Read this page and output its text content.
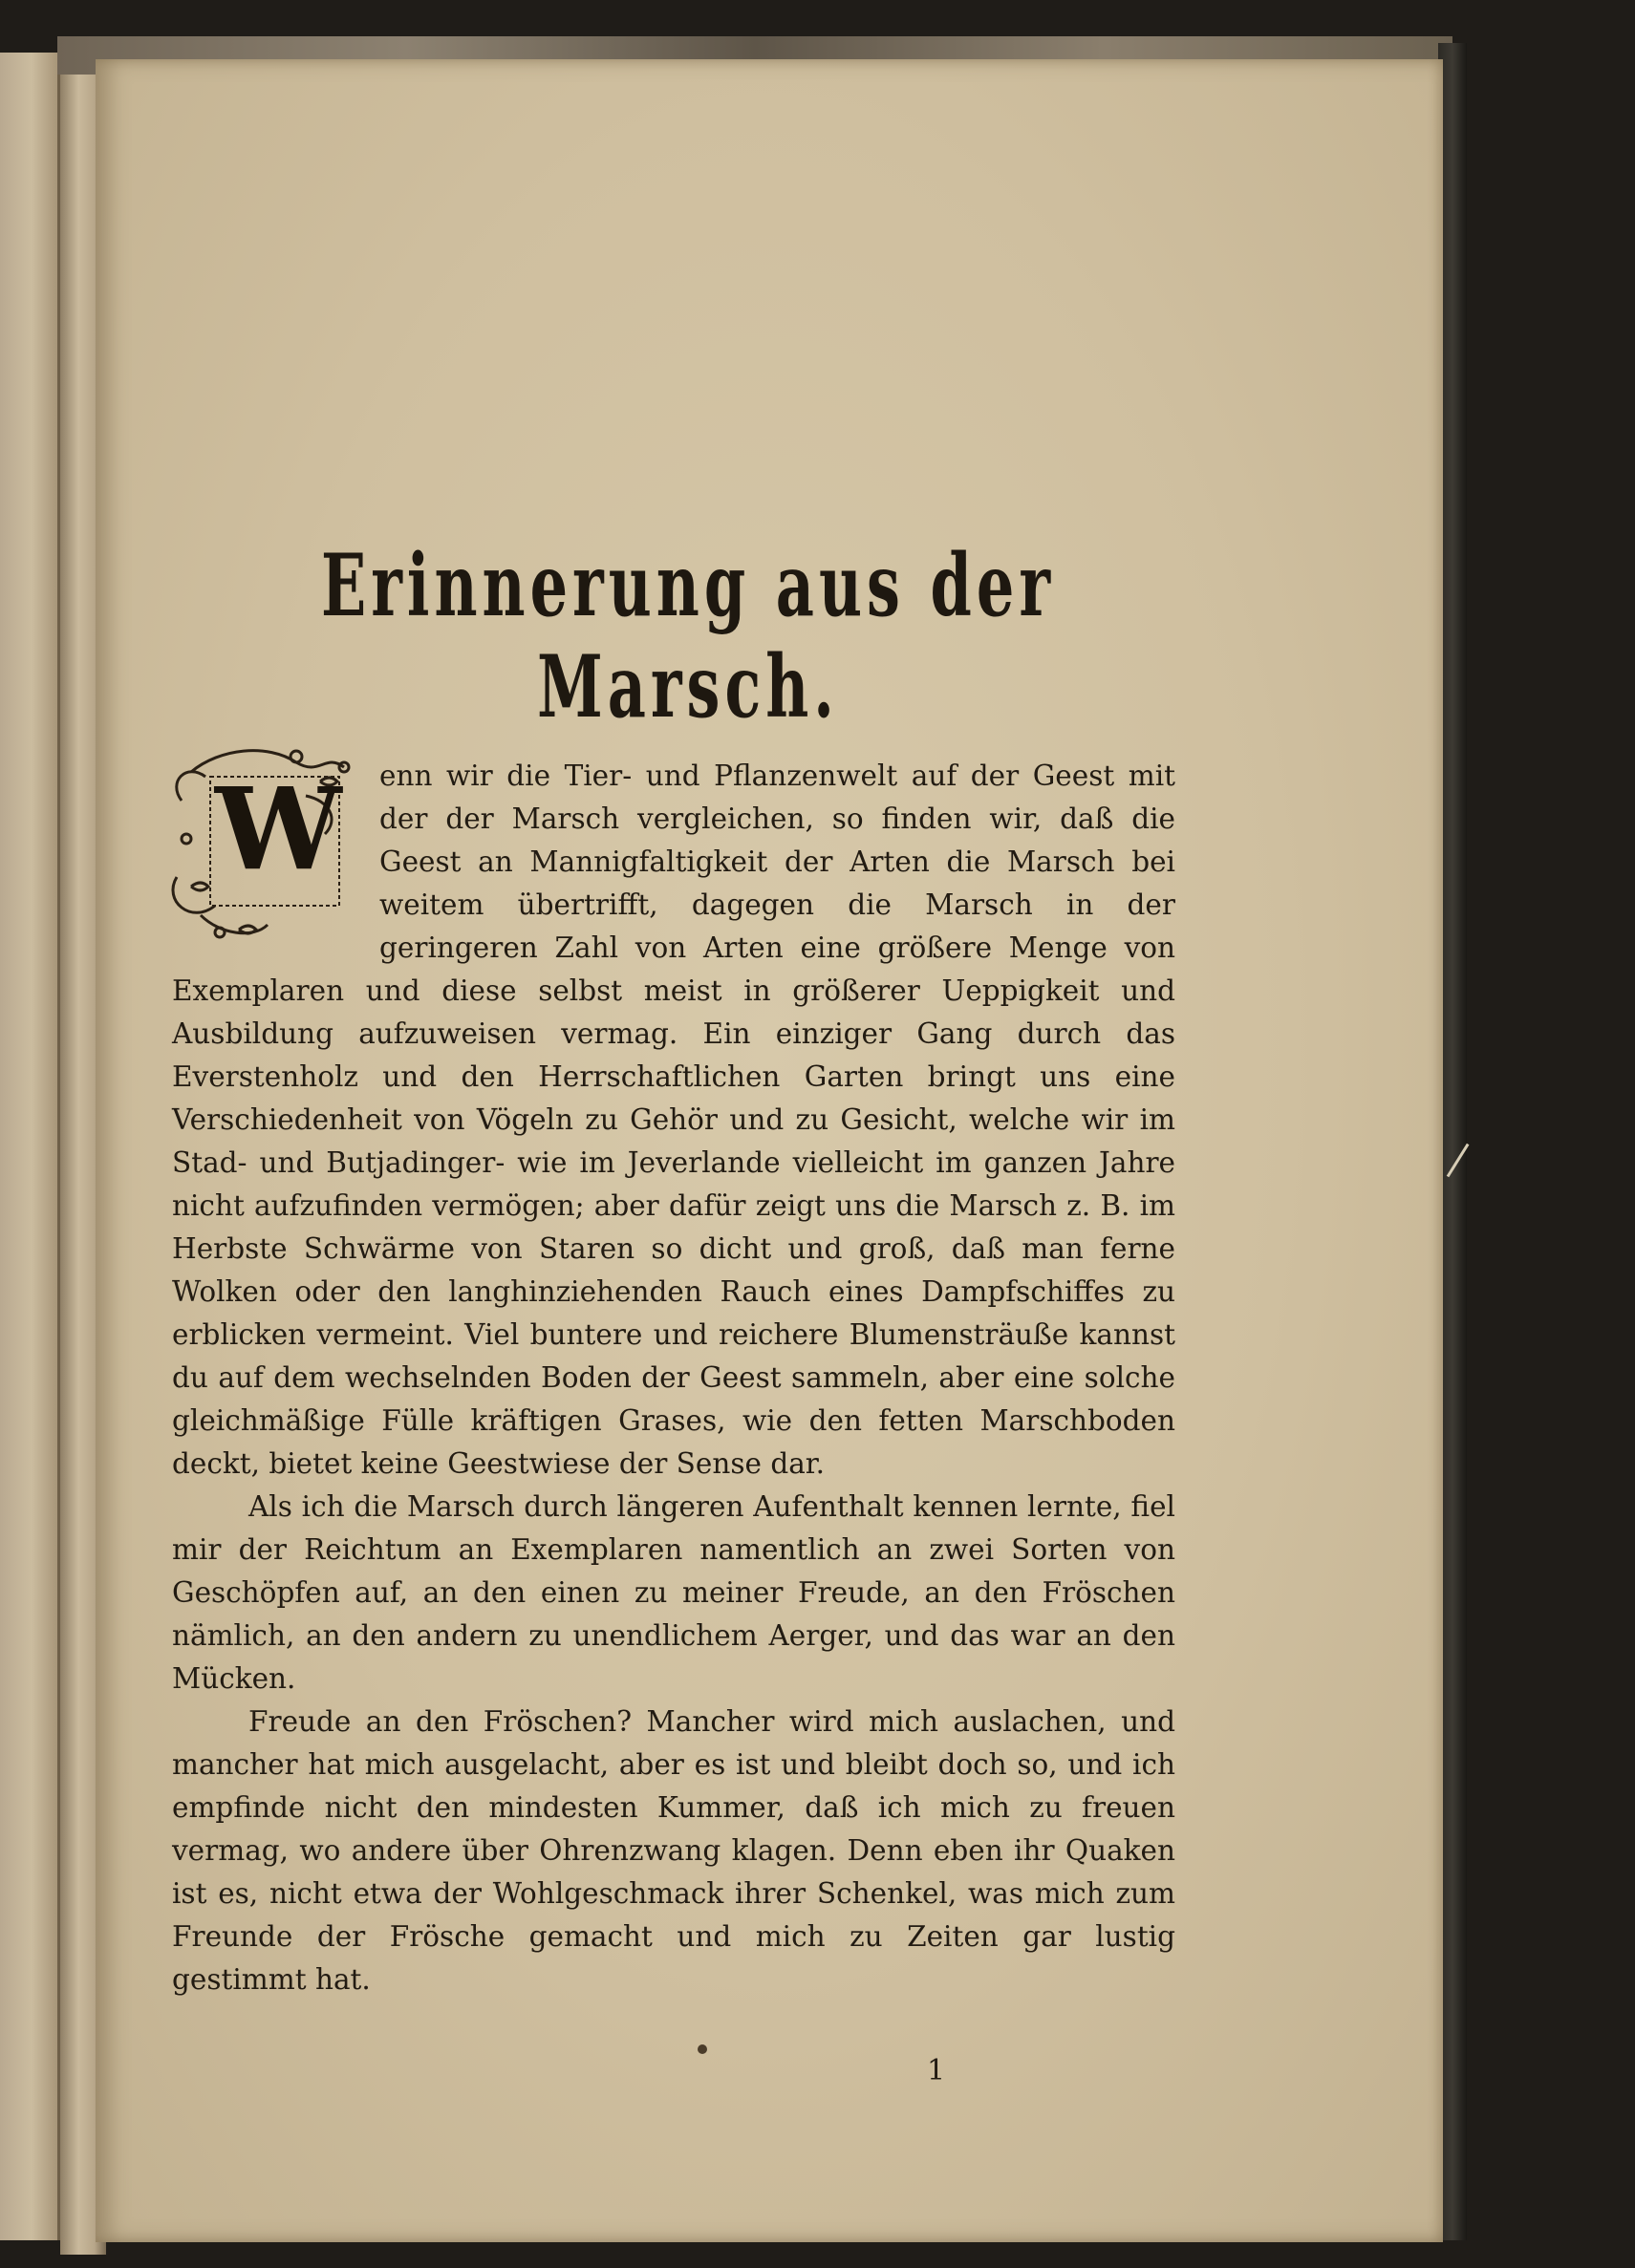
Erinnerung aus der Marsch.

W enn wir die Tier- und Pflanzenwelt auf der Geest mit der der Marsch vergleichen, so finden wir, daß die Geest an Mannigfaltigkeit der Arten die Marsch bei weitem übertrifft, dagegen die Marsch in der geringeren Zahl von Arten eine größere Menge von Exemplaren und diese selbst meist in größerer Ueppigkeit und Ausbildung aufzuweisen vermag. Ein einziger Gang durch das Everstenholz und den Herrschaftlichen Garten bringt uns eine Verschiedenheit von Vögeln zu Gehör und zu Gesicht, welche wir im Stad- und Butjadinger- wie im Jeverlande vielleicht im ganzen Jahre nicht aufzufinden vermögen; aber dafür zeigt uns die Marsch z. B. im Herbste Schwärme von Staren so dicht und groß, daß man ferne Wolken oder den langhinziehenden Rauch eines Dampfschiffes zu erblicken vermeint. Viel buntere und reichere Blumensträuße kannst du auf dem wechselnden Boden der Geest sammeln, aber eine solche gleichmäßige Fülle kräftigen Grases, wie den fetten Marschboden deckt, bietet keine Geestwiese der Sense dar.

Als ich die Marsch durch längeren Aufenthalt kennen lernte, fiel mir der Reichtum an Exemplaren namentlich an zwei Sorten von Geschöpfen auf, an den einen zu meiner Freude, an den Fröschen nämlich, an den andern zu unendlichem Aerger, und das war an den Mücken.

Freude an den Fröschen? Mancher wird mich auslachen, und mancher hat mich ausgelacht, aber es ist und bleibt doch so, und ich empfinde nicht den mindesten Kummer, daß ich mich zu freuen vermag, wo andere über Ohrenzwang klagen. Denn eben ihr Quaken ist es, nicht etwa der Wohlgeschmack ihrer Schenkel, was mich zum Freunde der Frösche gemacht und mich zu Zeiten gar lustig gestimmt hat.

1
